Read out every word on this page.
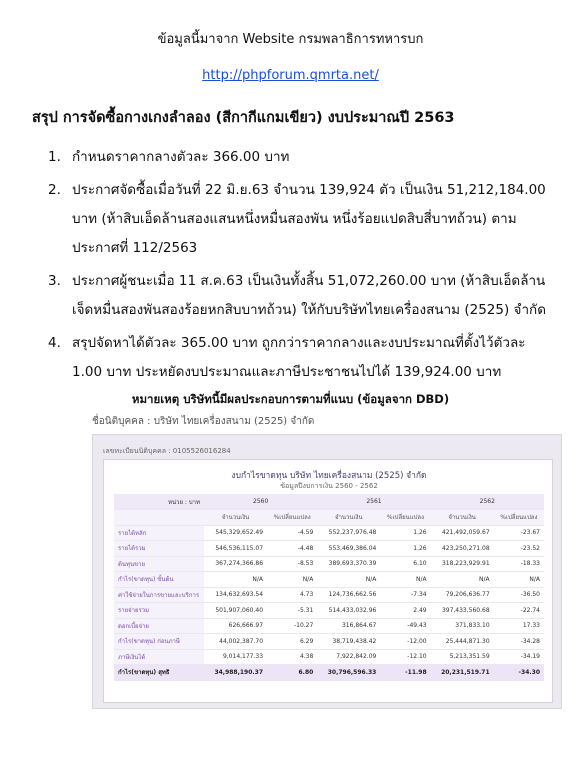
ข้อมูลนี้มาจาก Website กรมพลาธิการทหารบก
http://phpforum.qmrta.net/
สรุป การจัดซื้อกางเกงลำลอง (สีกากีแกมเขียว) งบประมาณปี 2563
1. กำหนดราคากลางตัวละ 366.00 บาท
2. ประกาศจัดซื้อเมื่อวันที่ 22 มิ.ย.63 จำนวน 139,924 ตัว เป็นเงิน 51,212,184.00 บาท (ห้าสิบเอ็ดล้านสองแสนหนึ่งหมื่นสองพัน หนึ่งร้อยแปดสิบสี่บาทถ้วน) ตามประกาศที่ 112/2563
3. ประกาศผู้ชนะเมื่อ 11 ส.ค.63 เป็นเงินทั้งสิ้น 51,072,260.00 บาท (ห้าสิบเอ็ดล้านเจ็ดหมื่นสองพันสองร้อยหกสิบบาทถ้วน) ให้กับบริษัทไทยเครื่องสนาม (2525) จำกัด
4. สรุปจัดหาได้ตัวละ 365.00 บาท ถูกกว่าราคากลางและงบประมาณที่ตั้งไว้ตัวละ 1.00 บาท ประหยัดงบประมาณและภาษีประชาชนไปได้ 139,924.00 บาท
หมายเหตุ บริษัทนี้มีผลประกอบการตามที่แนบ (ข้อมูลจาก DBD)
ชื่อนิติบุคคล : บริษัท ไทยเครื่องสนาม (2525) จำกัด
เลขทะเบียนนิติบุคคล : 0105526016284
งบกำไรขาดทุน บริษัท ไทยเครื่องสนาม (2525) จำกัด
ข้อมูลปีงบการเงิน 2560 - 2562
หน่วย : บาท	2560		2561		2562	
	จำนวนเงิน	%เปลี่ยนแปลง	จำนวนเงิน	%เปลี่ยนแปลง	จำนวนเงิน	%เปลี่ยนแปลง
รายได้หลัก	545,329,652.49	-4.59	552,237,976.48	1.26	421,492,059.67	-23.67
รายได้รวม	546,536,115.07	-4.48	553,469,386.04	1.26	423,250,271.08	-23.52
ต้นทุนขาย	367,274,366.86	-8.53	389,693,370.39	6.10	318,223,929.91	-18.33
กำไร(ขาดทุน) ขั้นต้น	N/A	N/A	N/A	N/A	N/A	N/A
ค่าใช้จ่ายในการขายและบริการ	134,632,693.54	4.73	124,736,662.56	-7.34	79,206,636.77	-36.50
รายจ่ายรวม	501,907,060.40	-5.31	514,433,032.96	2.49	397,433,560.68	-22.74
ดอกเบี้ยจ่าย	626,666.97	-10.27	316,864.67	-49.43	371,833.10	17.33
กำไร(ขาดทุน) ก่อนภาษี	44,002,387.70	6.29	38,719,438.42	-12.00	25,444,871.30	-34.28
ภาษีเงินได้	9,014,177.33	4.38	7,922,842.09	-12.10	5,213,351.59	-34.19
กำไร(ขาดทุน) สุทธิ	34,988,190.37	6.80	30,796,596.33	-11.98	20,231,519.71	-34.30
